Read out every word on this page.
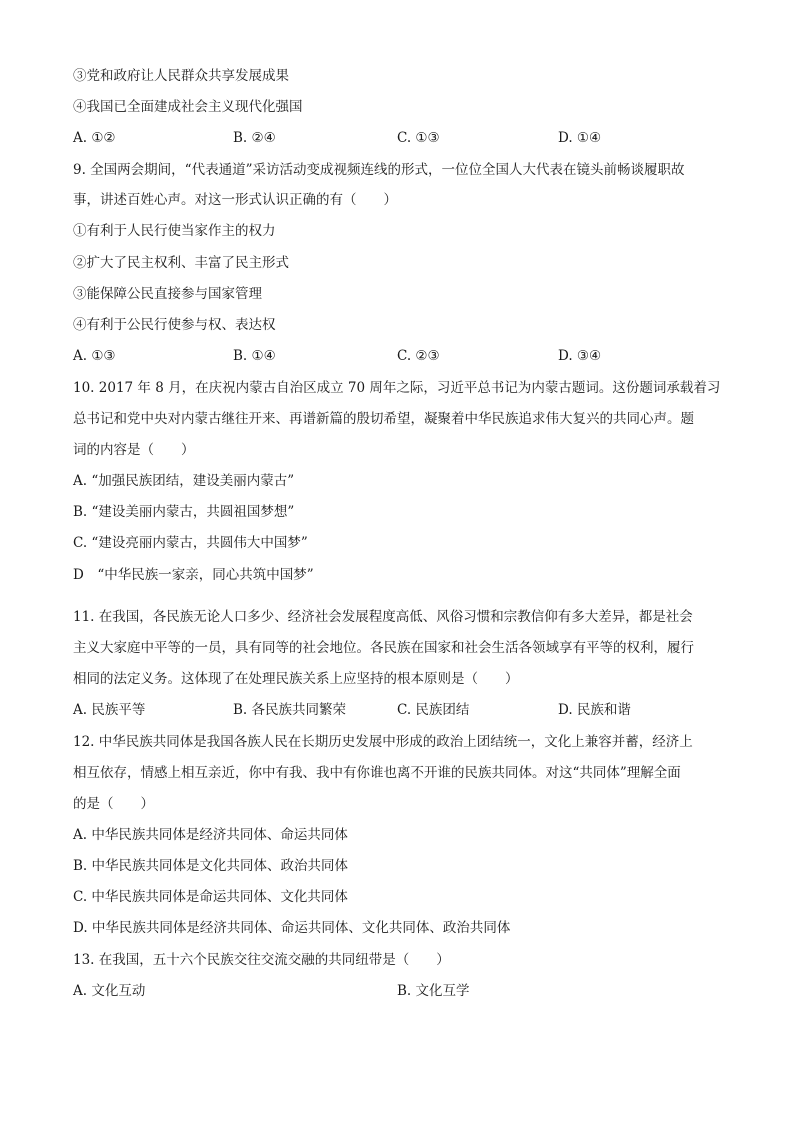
③党和政府让人民群众共享发展成果
④我国已全面建成社会主义现代化强国
A. ①②	B. ②④	C. ①③	D. ①④
9. 全国两会期间，“代表通道”采访活动变成视频连线的形式，一位位全国人大代表在镜头前畅谈履职故
事，讲述百姓心声。对这一形式认识正确的有（　　）
①有利于人民行使当家作主的权力
②扩大了民主权利、丰富了民主形式
③能保障公民直接参与国家管理
④有利于公民行使参与权、表达权
A. ①③	B. ①④	C. ②③	D. ③④
10. 2017 年 8 月，在庆祝内蒙古自治区成立 70 周年之际，习近平总书记为内蒙古题词。这份题词承载着习
总书记和党中央对内蒙古继往开来、再谱新篇的殷切希望，凝聚着中华民族追求伟大复兴的共同心声。题
词的内容是（　　）
A. “加强民族团结，建设美丽内蒙古”
B. “建设美丽内蒙古，共圆祖国梦想”
C. “建设亮丽内蒙古，共圆伟大中国梦”
D　“中华民族一家亲，同心共筑中国梦”
11. 在我国，各民族无论人口多少、经济社会发展程度高低、风俗习惯和宗教信仰有多大差异，都是社会
主义大家庭中平等的一员，具有同等的社会地位。各民族在国家和社会生活各领域享有平等的权利，履行
相同的法定义务。这体现了在处理民族关系上应坚持的根本原则是（　　）
A. 民族平等	B. 各民族共同繁荣	C. 民族团结	D. 民族和谐
12. 中华民族共同体是我国各族人民在长期历史发展中形成的政治上团结统一，文化上兼容并蓄，经济上
相互依存，情感上相互亲近，你中有我、我中有你谁也离不开谁的民族共同体。对这“共同体”理解全面
的是（　　）
A. 中华民族共同体是经济共同体、命运共同体
B. 中华民族共同体是文化共同体、政治共同体
C. 中华民族共同体是命运共同体、文化共同体
D. 中华民族共同体是经济共同体、命运共同体、文化共同体、政治共同体
13. 在我国，五十六个民族交往交流交融的共同纽带是（　　）
A. 文化互动	B. 文化互学
